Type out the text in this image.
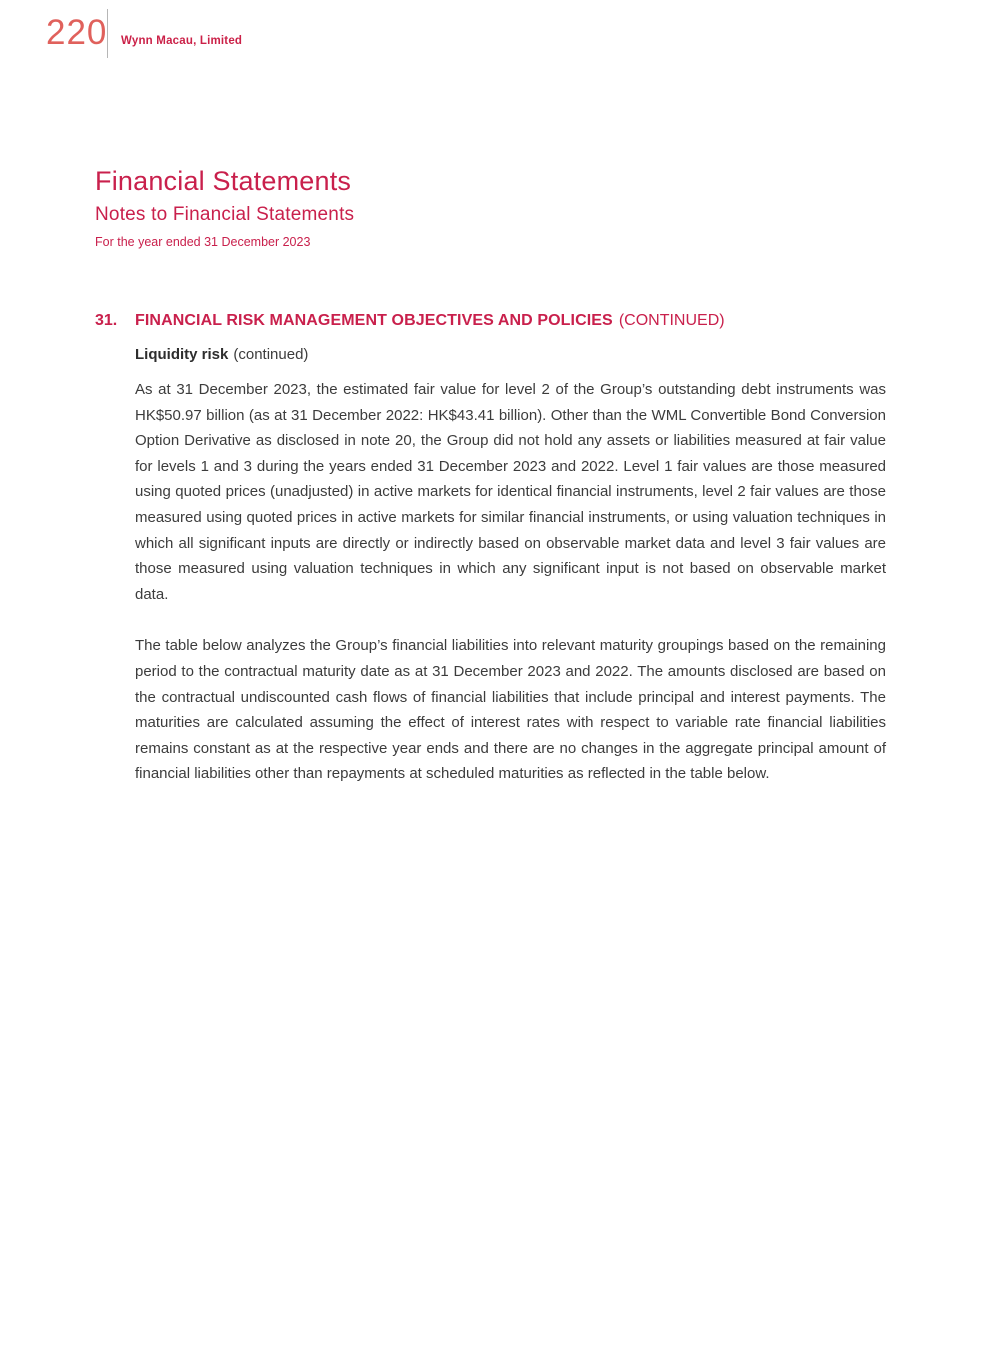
220 Wynn Macau, Limited
Financial Statements
Notes to Financial Statements
For the year ended 31 December 2023
31.	FINANCIAL RISK MANAGEMENT OBJECTIVES AND POLICIES (CONTINUED)
Liquidity risk (continued)

As at 31 December 2023, the estimated fair value for level 2 of the Group’s outstanding debt instruments was HK$50.97 billion (as at 31 December 2022: HK$43.41 billion). Other than the WML Convertible Bond Conversion Option Derivative as disclosed in note 20, the Group did not hold any assets or liabilities measured at fair value for levels 1 and 3 during the years ended 31 December 2023 and 2022. Level 1 fair values are those measured using quoted prices (unadjusted) in active markets for identical financial instruments, level 2 fair values are those measured using quoted prices in active markets for similar financial instruments, or using valuation techniques in which all significant inputs are directly or indirectly based on observable market data and level 3 fair values are those measured using valuation techniques in which any significant input is not based on observable market data.

The table below analyzes the Group’s financial liabilities into relevant maturity groupings based on the remaining period to the contractual maturity date as at 31 December 2023 and 2022. The amounts disclosed are based on the contractual undiscounted cash flows of financial liabilities that include principal and interest payments. The maturities are calculated assuming the effect of interest rates with respect to variable rate financial liabilities remains constant as at the respective year ends and there are no changes in the aggregate principal amount of financial liabilities other than repayments at scheduled maturities as reflected in the table below.
